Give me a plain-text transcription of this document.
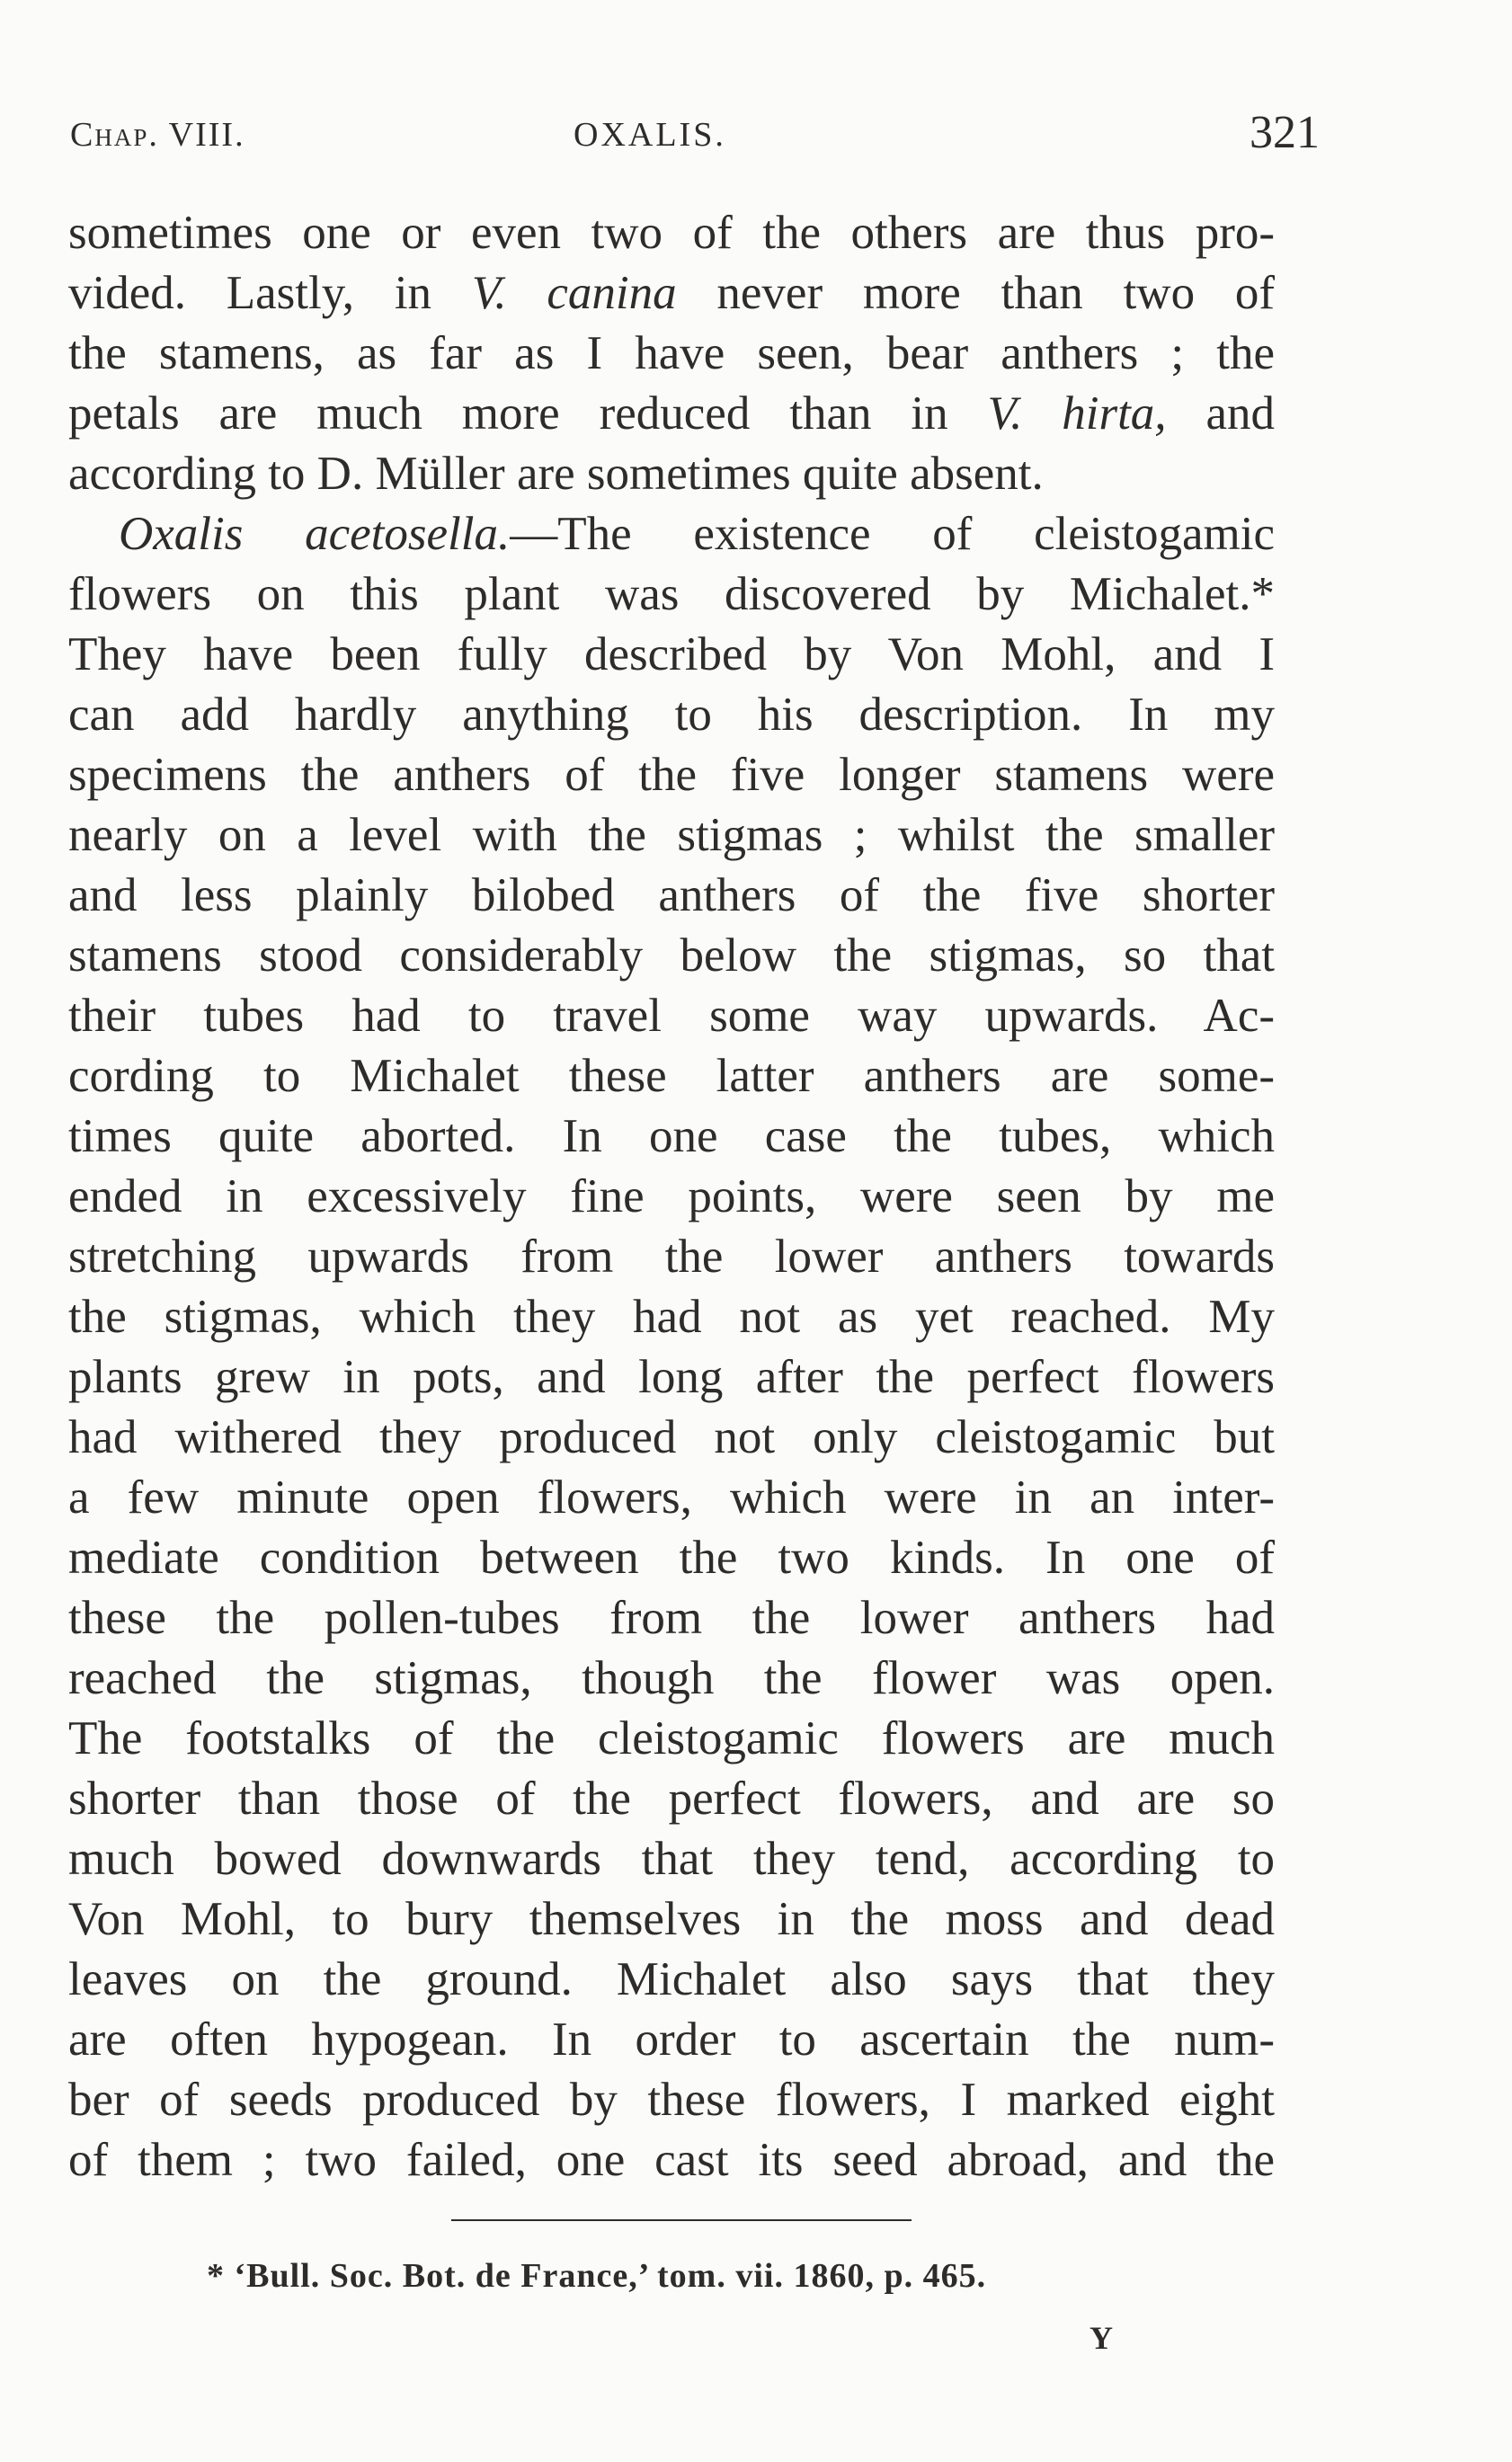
Chap. VIII.	OXALIS.	321
sometimes one or even two of the others are thus pro-
vided. Lastly, in V. canina never more than two of
the stamens, as far as I have seen, bear anthers ; the
petals are much more reduced than in V. hirta, and
according to D. Müller are sometimes quite absent.
Oxalis acetosella.—The existence of cleistogamic
flowers on this plant was discovered by Michalet.*
They have been fully described by Von Mohl, and I
can add hardly anything to his description. In my
specimens the anthers of the five longer stamens were
nearly on a level with the stigmas ; whilst the smaller
and less plainly bilobed anthers of the five shorter
stamens stood considerably below the stigmas, so that
their tubes had to travel some way upwards. Ac-
cording to Michalet these latter anthers are some-
times quite aborted. In one case the tubes, which
ended in excessively fine points, were seen by me
stretching upwards from the lower anthers towards
the stigmas, which they had not as yet reached. My
plants grew in pots, and long after the perfect flowers
had withered they produced not only cleistogamic but
a few minute open flowers, which were in an inter-
mediate condition between the two kinds. In one of
these the pollen-tubes from the lower anthers had
reached the stigmas, though the flower was open.
The footstalks of the cleistogamic flowers are much
shorter than those of the perfect flowers, and are so
much bowed downwards that they tend, according to
Von Mohl, to bury themselves in the moss and dead
leaves on the ground. Michalet also says that they
are often hypogean. In order to ascertain the num-
ber of seeds produced by these flowers, I marked eight
of them ; two failed, one cast its seed abroad, and the
* ‘Bull. Soc. Bot. de France,’ tom. vii. 1860, p. 465.
Y
